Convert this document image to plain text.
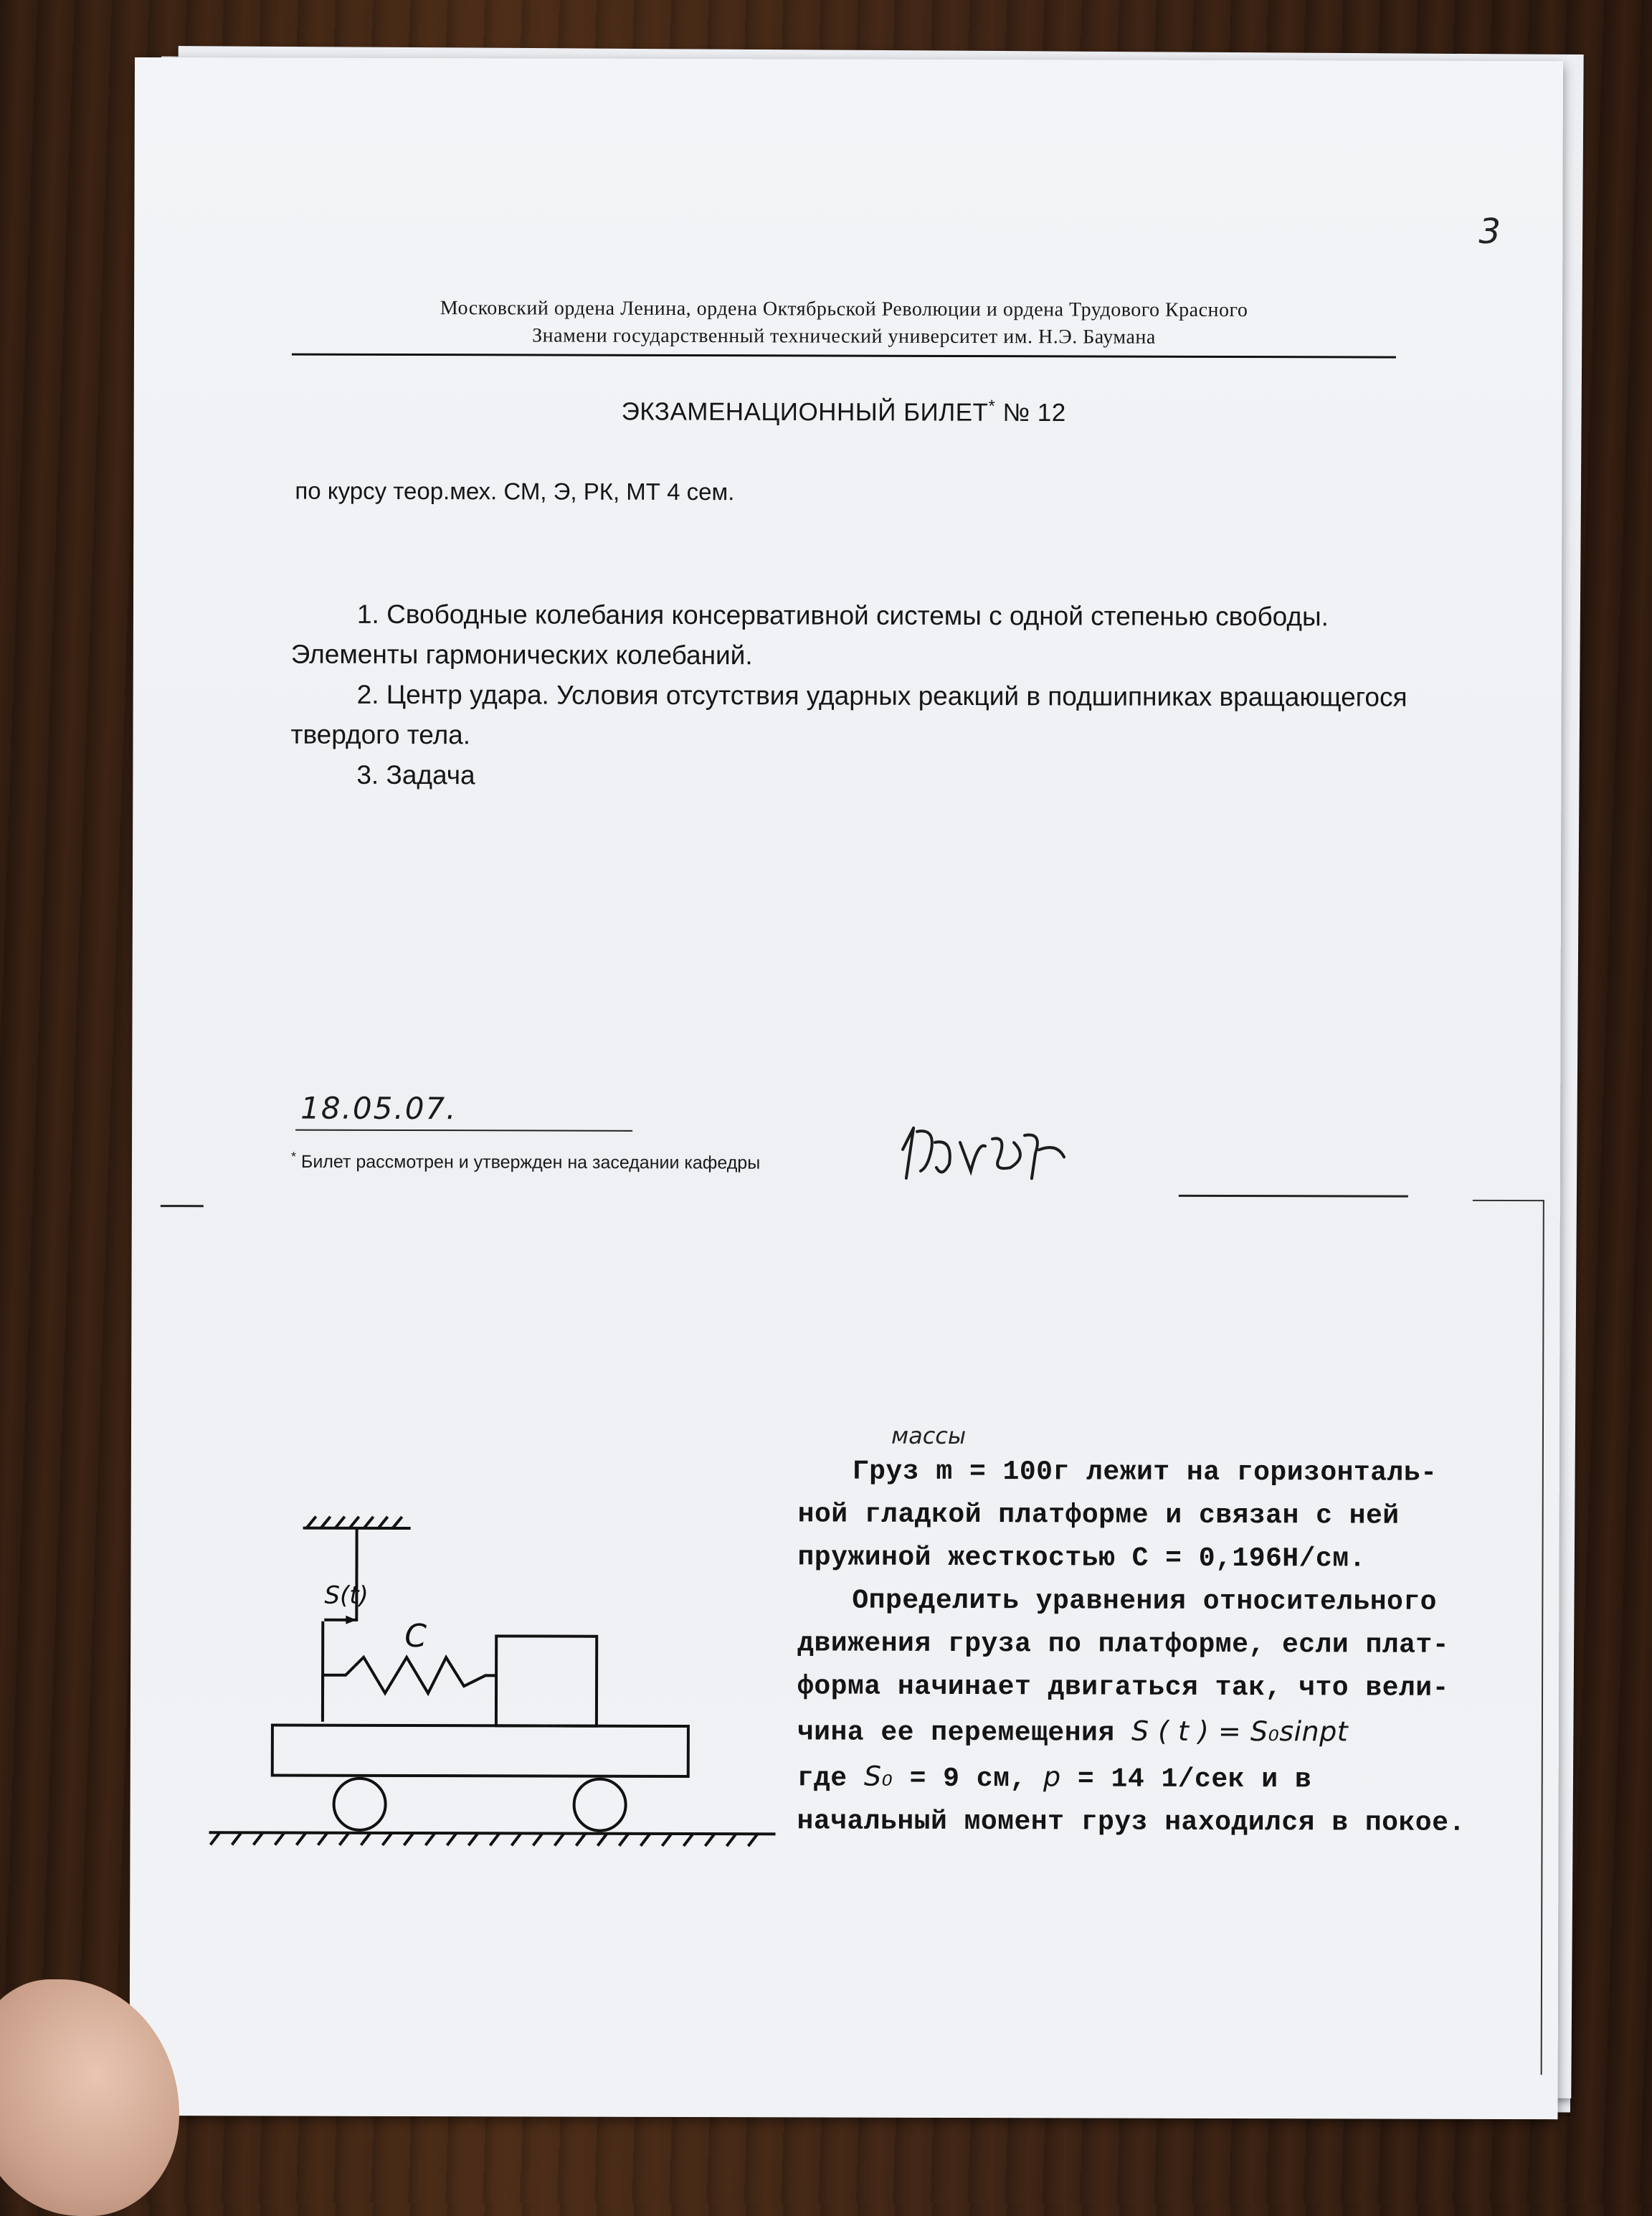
3
Московский ордена Ленина, ордена Октябрьской Революции и ордена Трудового Красного
Знамени государственный технический университет им. Н.Э. Баумана
ЭКЗАМЕНАЦИОННЫЙ БИЛЕТ* № 12
по курсу теор.мех. СМ, Э, РК, МТ 4 сем.

1. Свободные колебания консервативной системы с одной степенью свободы. Элементы гармонических колебаний.

2. Центр удара. Условия отсутствия ударных реакций в подшипниках вращающегося твердого тела.

3. Задача

18.05.07.
* Билет рассмотрен и утвержден на заседании кафедры
S(t)
C
массы

Груз m = 100г лежит на горизонталь-

ной гладкой платформе и связан с ней

пружиной жесткостью C = 0,196Н/см.

Определить уравнения относительного

движения груза по платформе, если плат-

форма начинает двигаться так, что вели-

чина ее перемещения S ( t ) = S₀sinpt

где S₀ = 9 см, p = 14 1/сек и в

начальный момент груз находился в покое.
